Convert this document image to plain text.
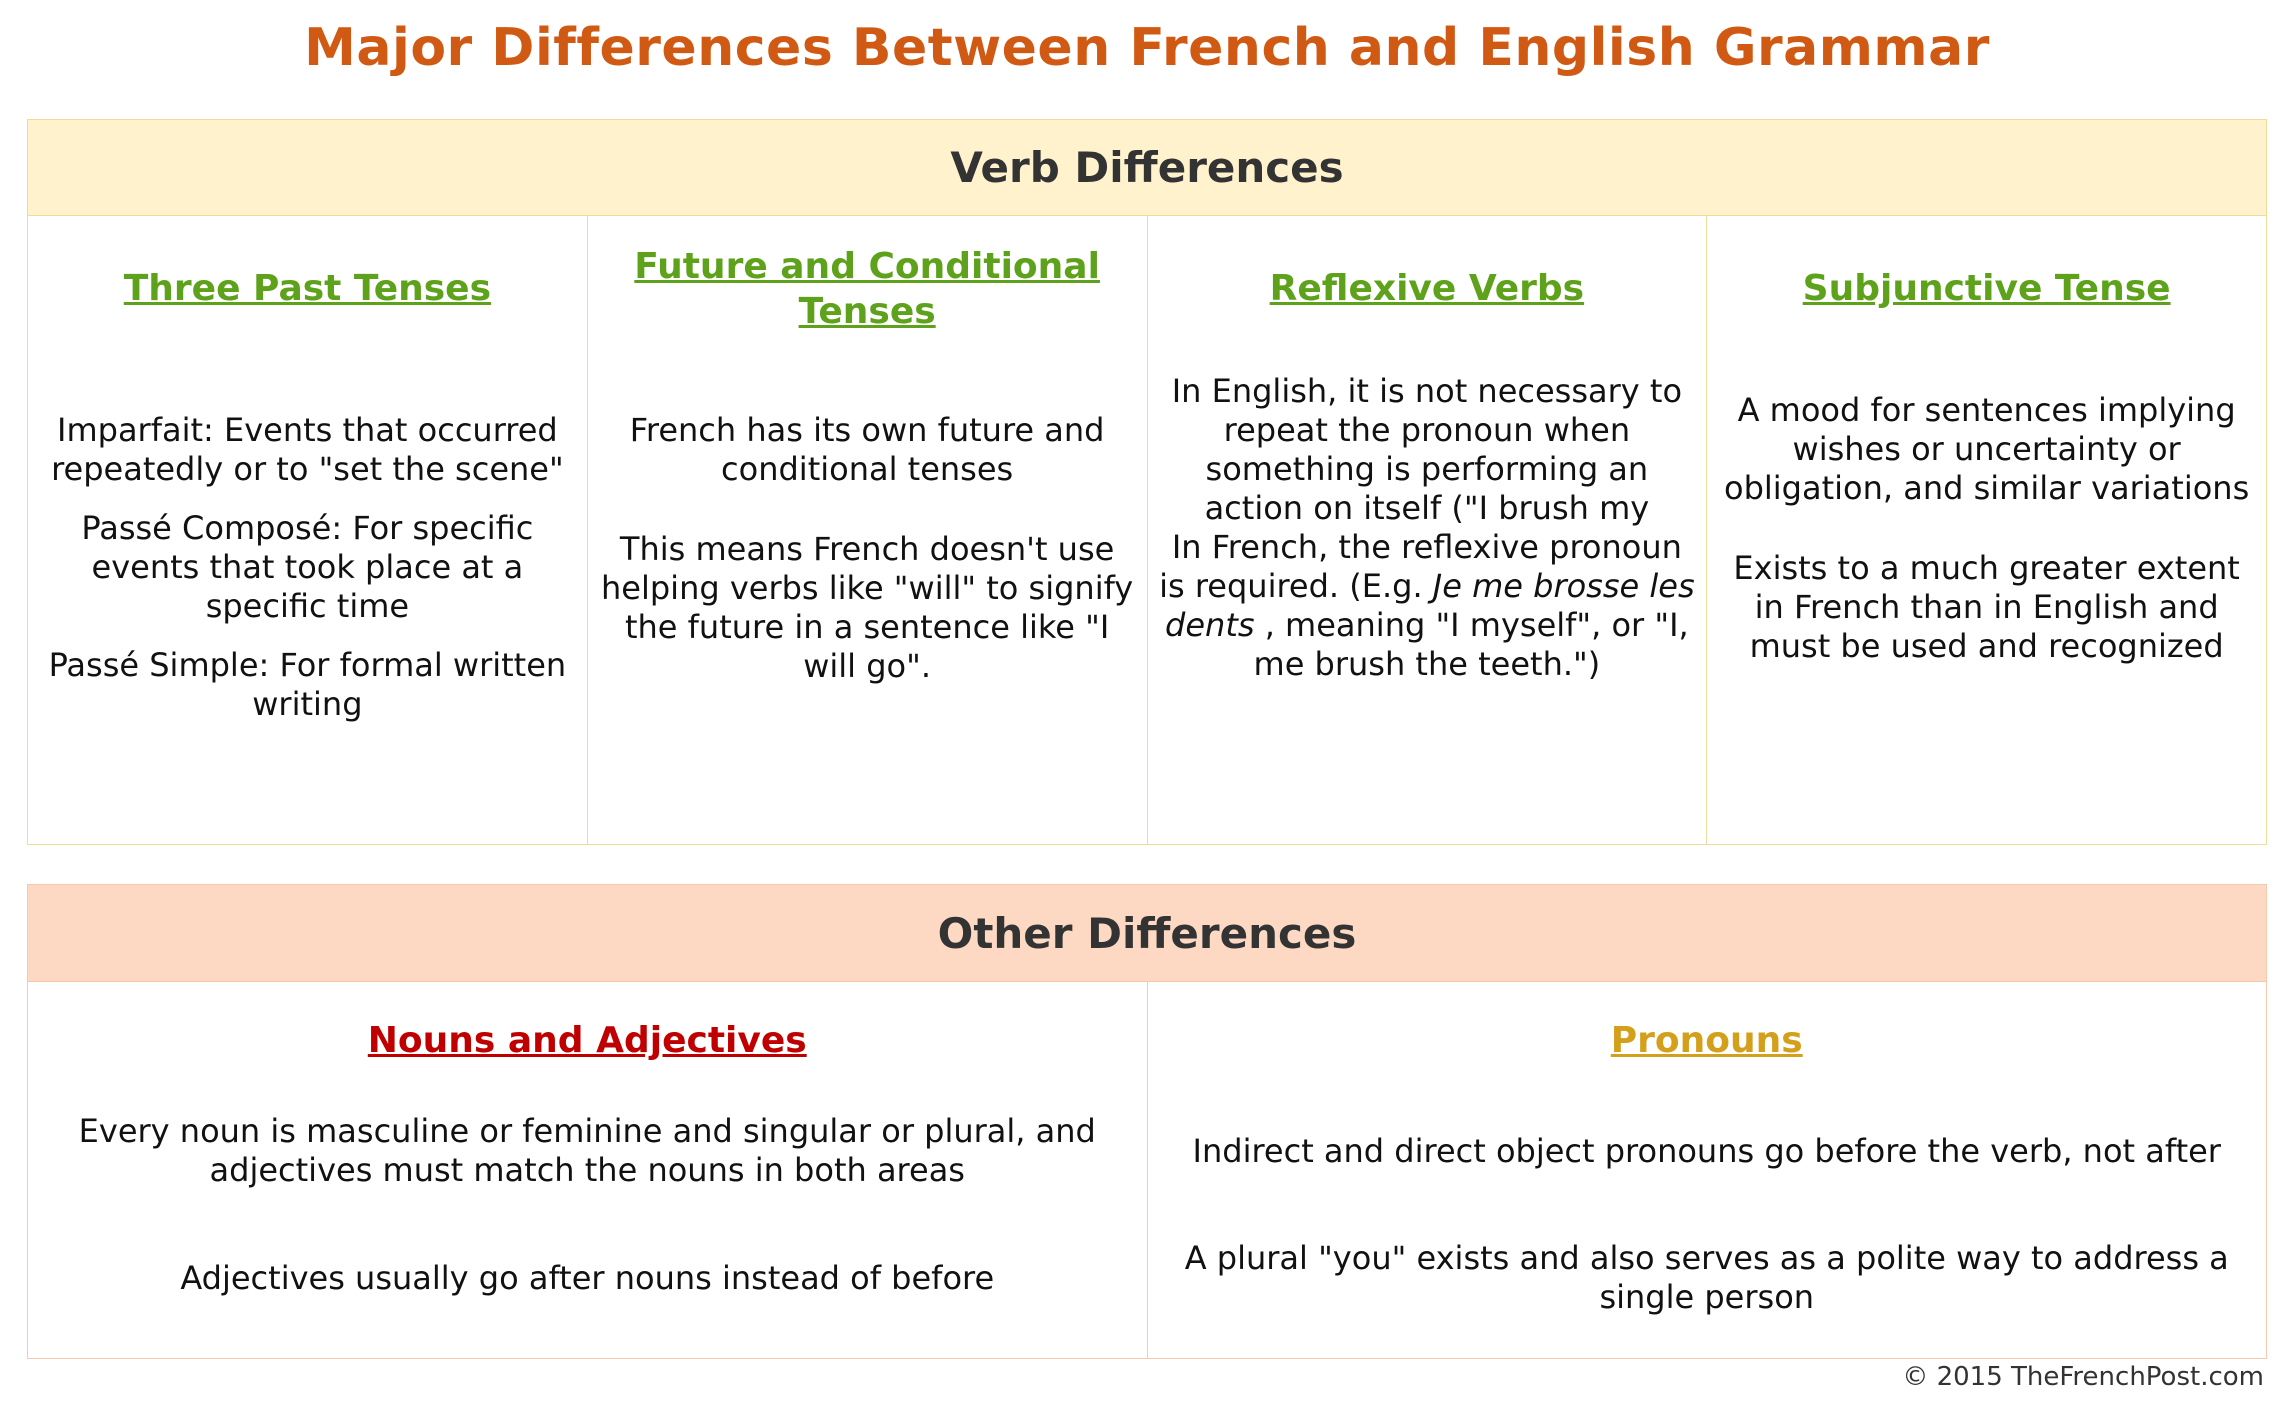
Major Differences Between French and English Grammar
Verb Differences
Three Past Tenses

Imparfait: Events that occurred repeatedly or to "set the scene"

Passé Composé: For specific events that took place at a specific time

Passé Simple: For formal written writing

Future and Conditional Tenses

French has its own future and conditional tenses

This means French doesn't use helping verbs like "will" to signify the future in a sentence like "I will go".

Reflexive Verbs

In English, it is not necessary to repeat the pronoun when something is performing an action on itself ("I brush my

In French, the reflexive pronoun is required. (E.g. Je me brosse les dents , meaning "I myself", or "I, me brush the teeth.")

Subjunctive Tense

A mood for sentences implying wishes or uncertainty or obligation, and similar variations

Exists to a much greater extent in French than in English and must be used and recognized

Other Differences
Nouns and Adjectives

Every noun is masculine or feminine and singular or plural, and adjectives must match the nouns in both areas

Adjectives usually go after nouns instead of before

Pronouns

Indirect and direct object pronouns go before the verb, not after

A plural "you" exists and also serves as a polite way to address a single person

© 2015 TheFrenchPost.com
